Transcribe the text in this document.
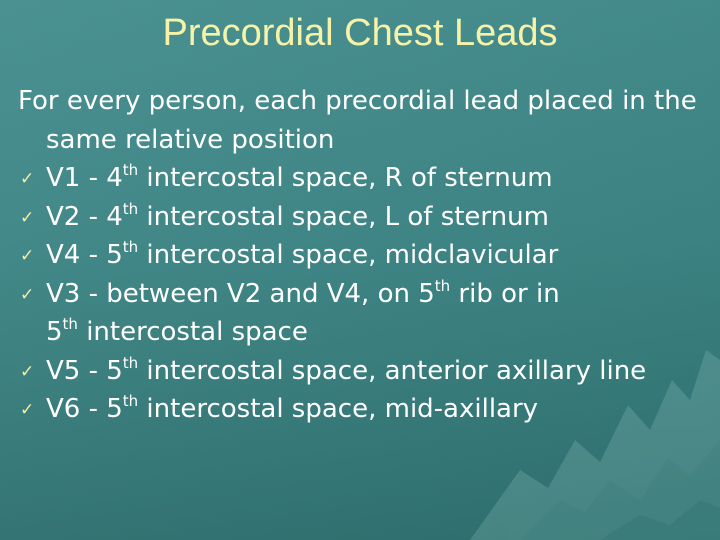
Precordial Chest Leads

For every person, each precordial lead placed in the same relative position

✓ V1 - 4th intercostal space, R of sternum
✓ V2 - 4th intercostal space, L of sternum
✓ V4 - 5th intercostal space, midclavicular
✓ V3 - between V2 and V4, on 5th rib or in
5th intercostal space
✓ V5 - 5th intercostal space, anterior axillary line
✓ V6 - 5th intercostal space, mid-axillary
